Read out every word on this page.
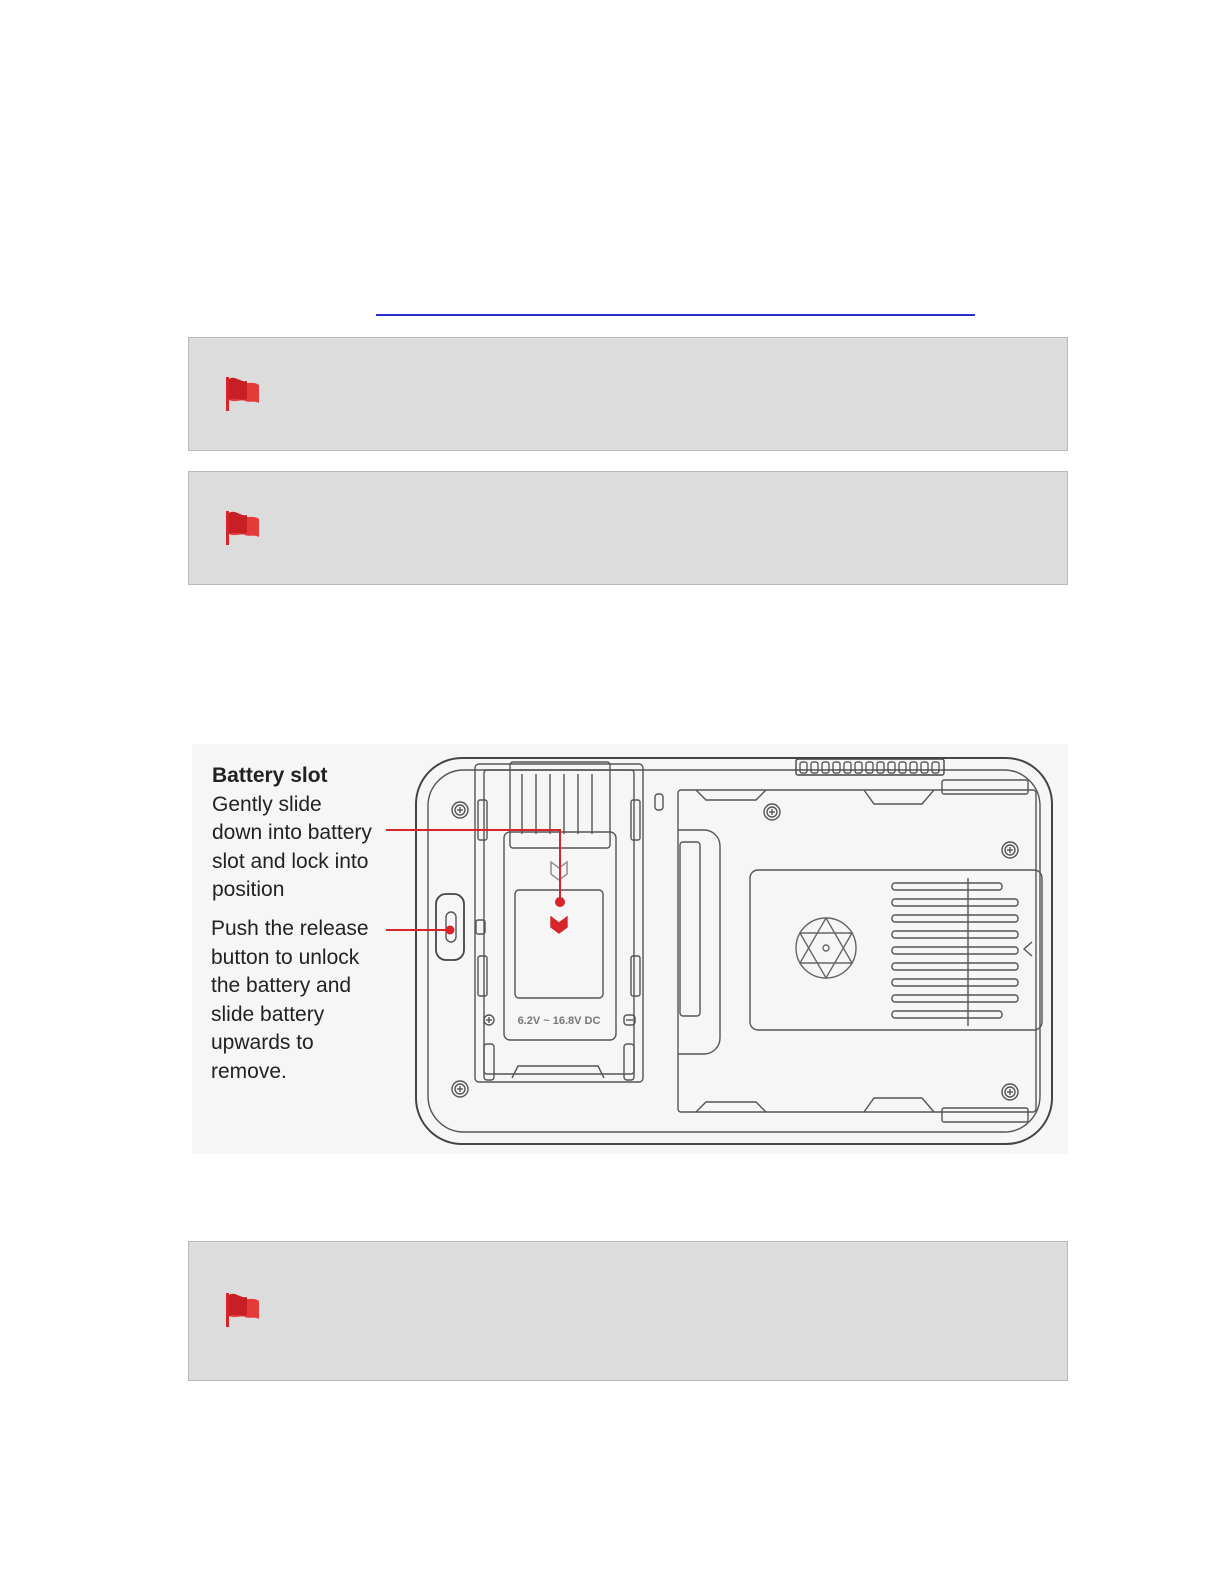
Battery slot
Gently slide
down into battery
slot and lock into
position
Push the release
button to unlock
the battery and
slide battery
upwards to
remove.
6.2V ~ 16.8V DC
